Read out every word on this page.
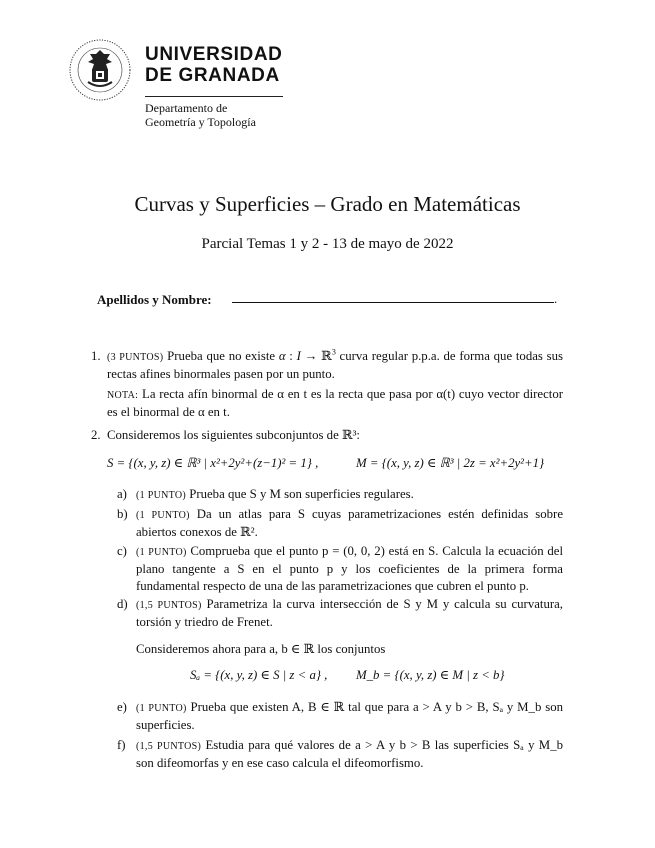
UNIVERSIDAD
DE GRANADA
Departamento de
Geometría y Topología
Curvas y Superficies – Grado en Matemáticas
Parcial Temas 1 y 2 - 13 de mayo de 2022
Apellidos y Nombre:	.
1. (3 PUNTOS) Prueba que no existe α : I → ℝ$^3$ curva regular p.p.a. de forma que todas sus rectas afines binormales pasen por un punto.
NOTA: La recta afín binormal de α en t es la recta que pasa por α(t) cuyo vector director es el binormal de α en t.
2. Consideremos los siguientes subconjuntos de ℝ³:
S = {(x, y, z) ∈ ℝ³ | x²+2y²+(z−1)² = 1} ,	M = {(x, y, z) ∈ ℝ³ | 2z = x²+2y²+1}
a) (1 PUNTO) Prueba que S y M son superficies regulares.
b) (1 PUNTO) Da un atlas para S cuyas parametrizaciones estén definidas sobre abiertos conexos de ℝ².
c) (1 PUNTO) Comprueba que el punto p = (0, 0, 2) está en S. Calcula la ecuación del plano tangente a S en el punto p y los coeficientes de la primera forma fundamental respecto de una de las parametrizaciones que cubren el punto p.
d) (1,5 PUNTOS) Parametriza la curva intersección de S y M y calcula su curvatura, torsión y triedro de Frenet.
Consideremos ahora para a, b ∈ ℝ los conjuntos
Sₐ = {(x, y, z) ∈ S | z < a} , M_b = {(x, y, z) ∈ M | z < b}
e) (1 PUNTO) Prueba que existen A, B ∈ ℝ tal que para a > A y b > B, Sₐ y M_b son superficies.
f) (1,5 PUNTOS) Estudia para qué valores de a > A y b > B las superficies Sₐ y M_b son difeomorfas y en ese caso calcula el difeomorfismo.
